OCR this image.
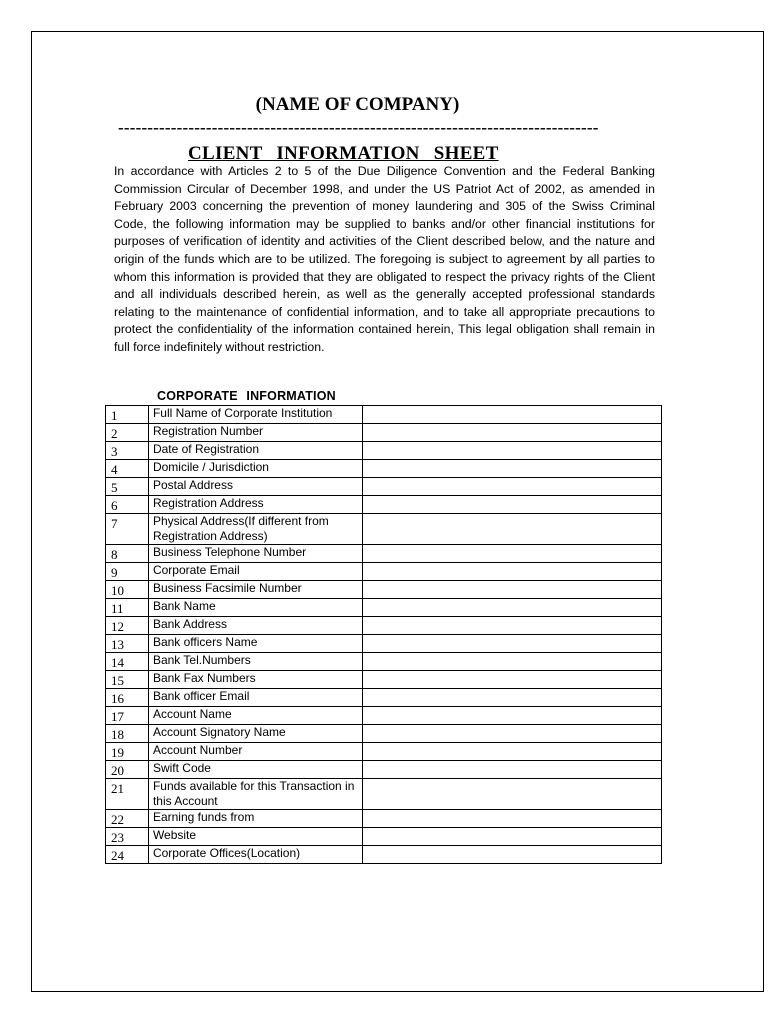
(NAME OF COMPANY)
----------------------------------------------------------------------------------
CLIENT INFORMATION SHEET

In accordance with Articles 2 to 5 of the Due Diligence Convention and the Federal Banking Commission Circular of December 1998, and under the US Patriot Act of 2002, as amended in February 2003 concerning the prevention of money laundering and 305 of the Swiss Criminal Code, the following information may be supplied to banks and/or other financial institutions for purposes of verification of identity and activities of the Client described below, and the nature and origin of the funds which are to be utilized. The foregoing is subject to agreement by all parties to whom this information is provided that they are obligated to respect the privacy rights of the Client and all individuals described herein, as well as the generally accepted professional standards relating to the maintenance of confidential information, and to take all appropriate precautions to protect the confidentiality of the information contained herein, This legal obligation shall remain in full force indefinitely without restriction.

CORPORATE INFORMATION
1	Full Name of Corporate Institution	
2	Registration Number	
3	Date of Registration	
4	Domicile / Jurisdiction	
5	Postal Address	
6	Registration Address	
7	Physical Address(If different from Registration Address)	
8	Business Telephone Number	
9	Corporate Email	
10	Business Facsimile Number	
11	Bank Name	
12	Bank Address	
13	Bank officers Name	
14	Bank Tel.Numbers	
15	Bank Fax Numbers	
16	Bank officer Email	
17	Account Name	
18	Account Signatory Name	
19	Account Number	
20	Swift Code	
21	Funds available for this Transaction in this Account	
22	Earning funds from	
23	Website	
24	Corporate Offices(Location)	
